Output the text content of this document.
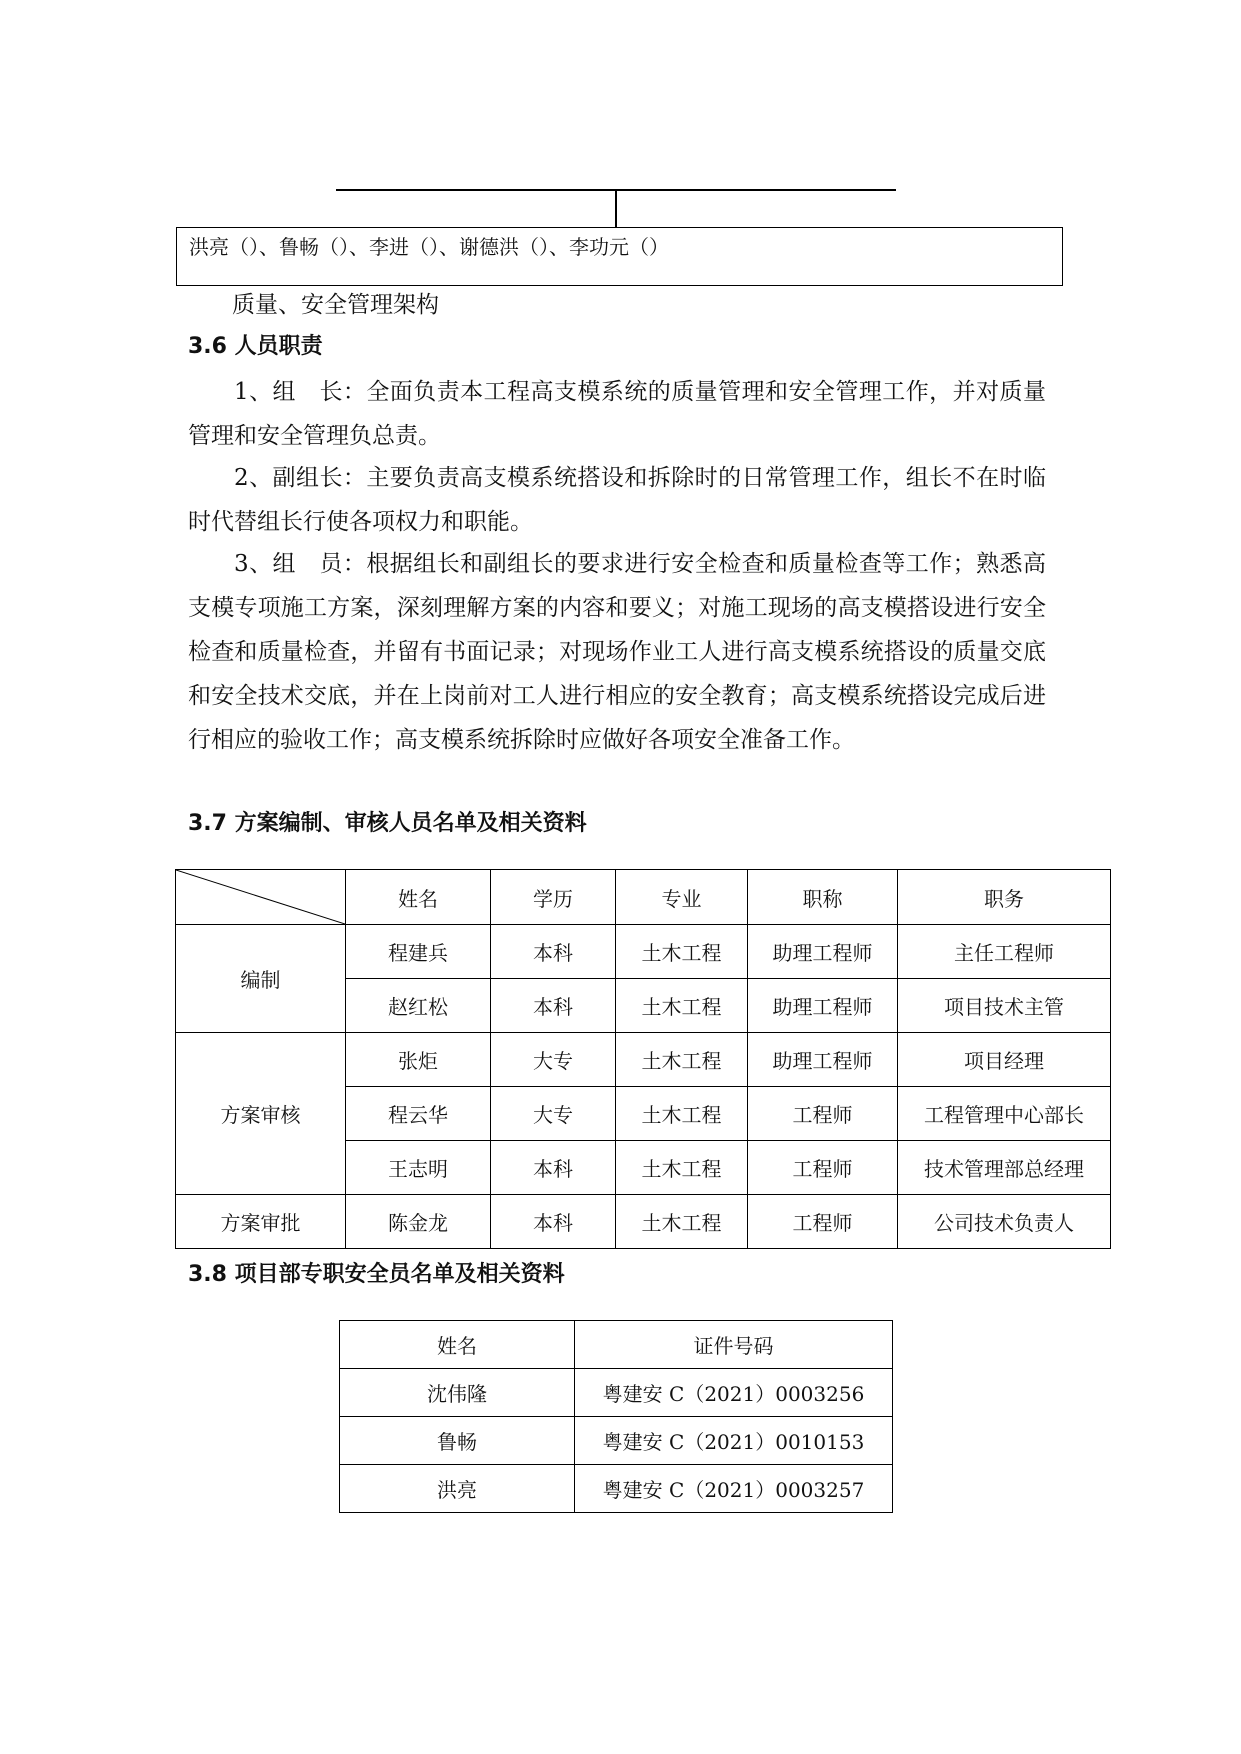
洪亮（）、鲁畅（）、李进（）、谢德洪（）、李功元（）
质量、安全管理架构
3.6 人员职责
1、组　长：全面负责本工程高支模系统的质量管理和安全管理工作，并对质量管理和安全管理负总责。
2、副组长：主要负责高支模系统搭设和拆除时的日常管理工作，组长不在时临时代替组长行使各项权力和职能。
3、组　员：根据组长和副组长的要求进行安全检查和质量检查等工作；熟悉高支模专项施工方案，深刻理解方案的内容和要义；对施工现场的高支模搭设进行安全检查和质量检查，并留有书面记录；对现场作业工人进行高支模系统搭设的质量交底和安全技术交底，并在上岗前对工人进行相应的安全教育；高支模系统搭设完成后进行相应的验收工作；高支模系统拆除时应做好各项安全准备工作。
3.7 方案编制、审核人员名单及相关资料
	姓名	学历	专业	职称	职务
编制	程建兵	本科	土木工程	助理工程师	主任工程师
	赵红松	本科	土木工程	助理工程师	项目技术主管
方案审核	张炬	大专	土木工程	助理工程师	项目经理
	程云华	大专	土木工程	工程师	工程管理中心部长
	王志明	本科	土木工程	工程师	技术管理部总经理
方案审批	陈金龙	本科	土木工程	工程师	公司技术负责人
3.8 项目部专职安全员名单及相关资料
姓名	证件号码
沈伟隆	粤建安 C（2021）0003256
鲁畅	粤建安 C（2021）0010153
洪亮	粤建安 C（2021）0003257
